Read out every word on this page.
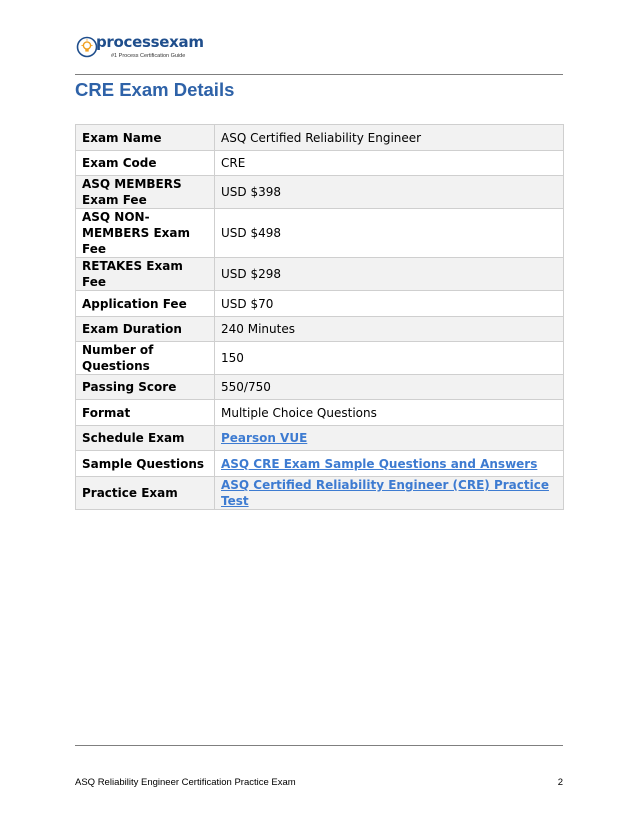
processexam
#1 Process Certification Guide
CRE Exam Details
Exam Name	ASQ Certified Reliability Engineer
Exam Code	CRE
ASQ MEMBERS Exam Fee	USD $398
ASQ NON-MEMBERS Exam Fee	USD $498
RETAKES Exam Fee	USD $298
Application Fee	USD $70
Exam Duration	240 Minutes
Number of Questions	150
Passing Score	550/750
Format	Multiple Choice Questions
Schedule Exam	Pearson VUE
Sample Questions	ASQ CRE Exam Sample Questions and Answers
Practice Exam	ASQ Certified Reliability Engineer (CRE) Practice Test
ASQ Reliability Engineer Certification Practice Exam	2
